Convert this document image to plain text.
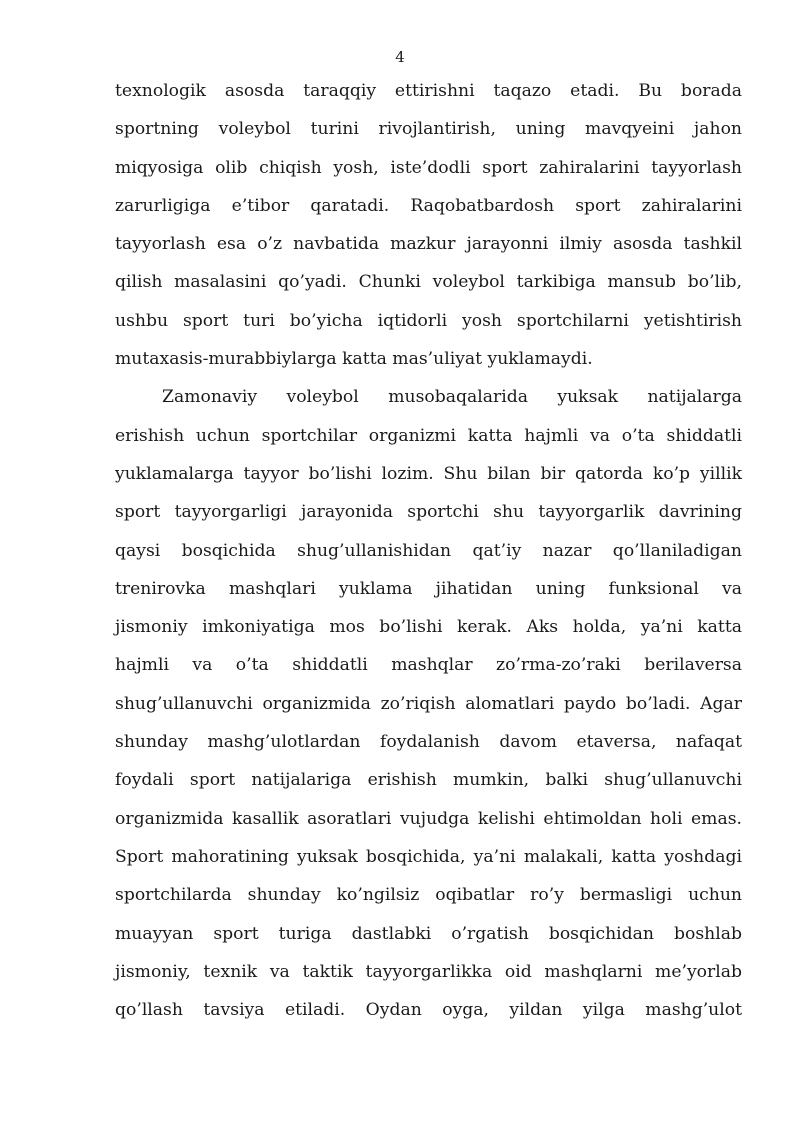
4
texnologik asosda taraqqiy ettirishni taqazo etadi. Bu borada
sportning voleybol turini rivojlantirish, uning mavqyeini jahon
miqyosiga olib chiqish yosh, iste’dodli sport zahiralarini tayyorlash
zarurligiga e’tibor qaratadi. Raqobatbardosh sport zahiralarini
tayyorlash esa o’z navbatida mazkur jarayonni ilmiy asosda tashkil
qilish masalasini qo’yadi. Chunki voleybol tarkibiga mansub bo’lib,
ushbu sport turi bo’yicha iqtidorli yosh sportchilarni yetishtirish
mutaxasis-murabbiylarga katta mas’uliyat yuklamaydi.
Zamonaviy voleybol musobaqalarida yuksak natijalarga
erishish uchun sportchilar organizmi katta hajmli va o’ta shiddatli
yuklamalarga tayyor bo’lishi lozim. Shu bilan bir qatorda ko’p yillik
sport tayyorgarligi jarayonida sportchi shu tayyorgarlik davrining
qaysi bosqichida shug’ullanishidan qat’iy nazar qo’llaniladigan
trenirovka mashqlari yuklama jihatidan uning funksional va
jismoniy imkoniyatiga mos bo’lishi kerak. Aks holda, ya’ni katta
hajmli va o’ta shiddatli mashqlar zo’rma-zo’raki berilaversa
shug’ullanuvchi organizmida zo’riqish alomatlari paydo bo’ladi. Agar
shunday mashg’ulotlardan foydalanish davom etaversa, nafaqat
foydali sport natijalariga erishish mumkin, balki shug’ullanuvchi
organizmida kasallik asoratlari vujudga kelishi ehtimoldan holi emas.
Sport mahoratining yuksak bosqichida, ya’ni malakali, katta yoshdagi
sportchilarda shunday ko’ngilsiz oqibatlar ro’y bermasligi uchun
muayyan sport turiga dastlabki o’rgatish bosqichidan boshlab
jismoniy, texnik va taktik tayyorgarlikka oid mashqlarni me’yorlab
qo’llash tavsiya etiladi. Oydan oyga, yildan yilga mashg’ulot
